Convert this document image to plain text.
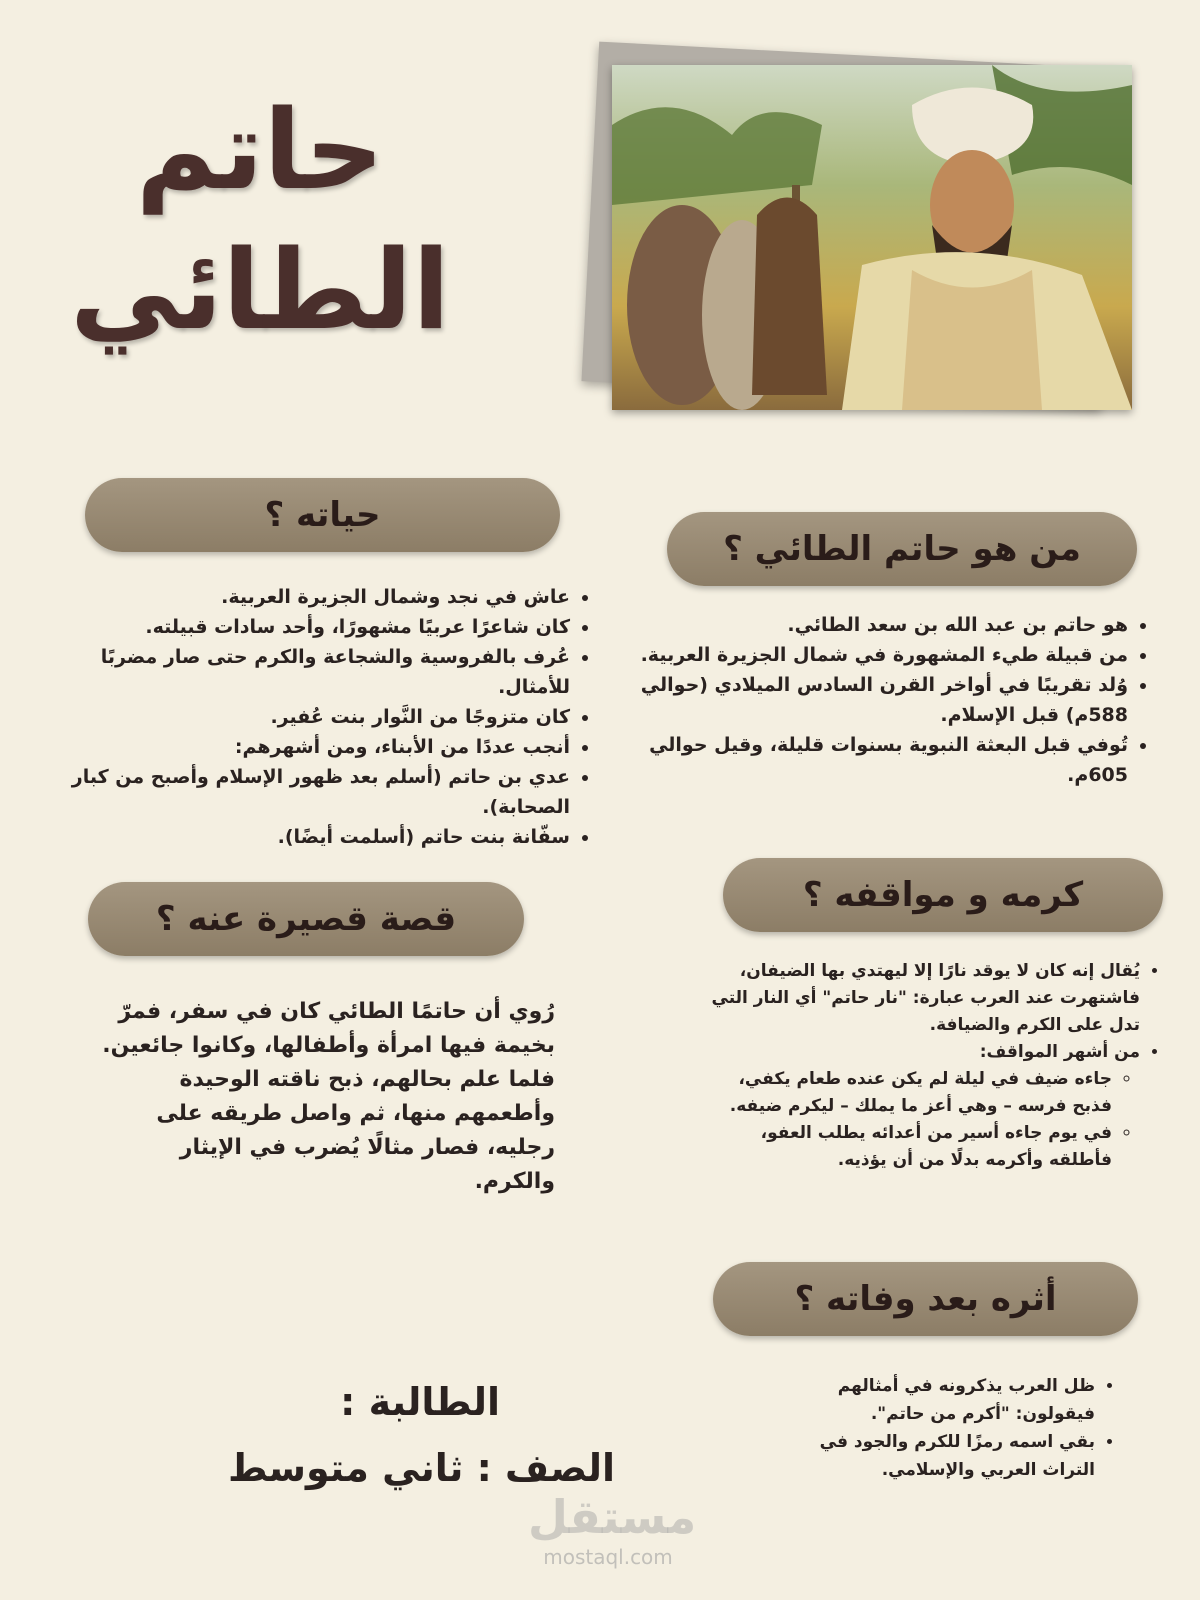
حاتم
الطائي
من هو حاتم الطائي ؟
• هو حاتم بن عبد الله بن سعد الطائي.
• من قبيلة طيء المشهورة في شمال الجزيرة العربية.
• وُلد تقريبًا في أواخر القرن السادس الميلادي (حوالي 588م) قبل الإسلام.
• تُوفي قبل البعثة النبوية بسنوات قليلة، وقيل حوالي 605م.
حياته ؟
• عاش في نجد وشمال الجزيرة العربية.
• كان شاعرًا عربيًا مشهورًا، وأحد سادات قبيلته.
• عُرف بالفروسية والشجاعة والكرم حتى صار مضربًا للأمثال.
• كان متزوجًا من النَّوار بنت عُفير.
• أنجب عددًا من الأبناء، ومن أشهرهم:
• عدي بن حاتم (أسلم بعد ظهور الإسلام وأصبح من كبار الصحابة).
• سفّانة بنت حاتم (أسلمت أيضًا).
كرمه و مواقفه ؟
• يُقال إنه كان لا يوقد نارًا إلا ليهتدي بها الضيفان، فاشتهرت عند العرب عبارة: "نار حاتم" أي النار التي تدل على الكرم والضيافة.
• من أشهر المواقف:
◦ جاءه ضيف في ليلة لم يكن عنده طعام يكفي، فذبح فرسه – وهي أعز ما يملك – ليكرم ضيفه.
◦ في يوم جاءه أسير من أعدائه يطلب العفو، فأطلقه وأكرمه بدلًا من أن يؤذيه.
قصة قصيرة عنه ؟

رُوي أن حاتمًا الطائي كان في سفر، فمرّ بخيمة فيها امرأة وأطفالها، وكانوا جائعين. فلما علم بحالهم، ذبح ناقته الوحيدة وأطعمهم منها، ثم واصل طريقه على رجليه، فصار مثالًا يُضرب في الإيثار والكرم.

أثره بعد وفاته ؟
• ظل العرب يذكرونه في أمثالهم فيقولون: "أكرم من حاتم".
• بقي اسمه رمزًا للكرم والجود في التراث العربي والإسلامي.
الطالبة :
الصف : ثاني متوسط
مستقل
mostaql.com
